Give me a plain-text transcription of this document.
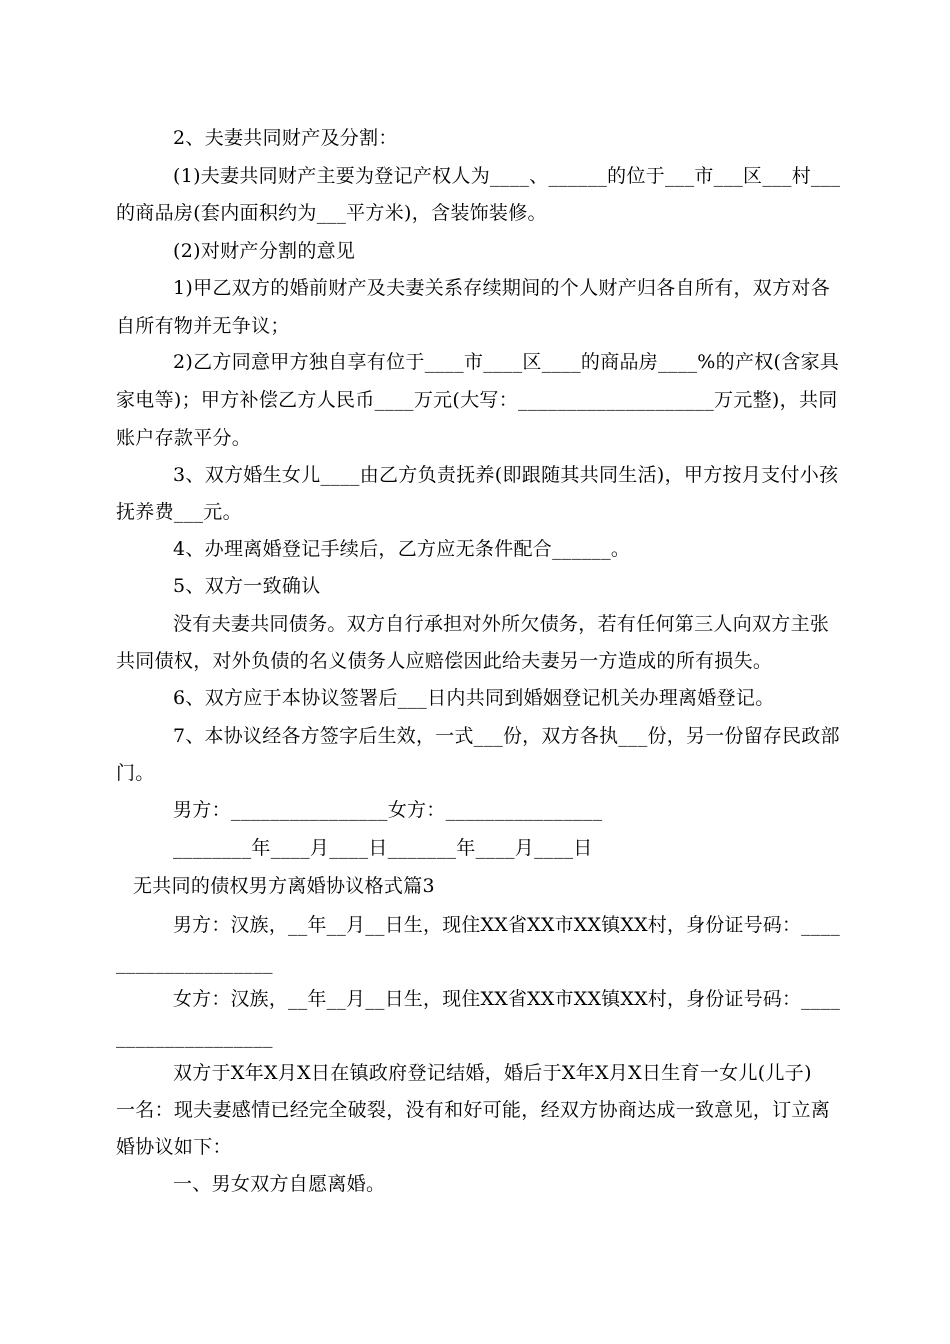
2、夫妻共同财产及分割：
(1)夫妻共同财产主要为登记产权人为____、______的位于___市___区___村___
的商品房(套内面积约为___平方米)，含装饰装修。
(2)对财产分割的意见
1)甲乙双方的婚前财产及夫妻关系存续期间的个人财产归各自所有，双方对各
自所有物并无争议；
2)乙方同意甲方独自享有位于____市____区____的商品房____%的产权(含家具
家电等)；甲方补偿乙方人民币____万元(大写：____________________万元整)，共同
账户存款平分。
3、双方婚生女儿____由乙方负责抚养(即跟随其共同生活)，甲方按月支付小孩
抚养费___元。
4、办理离婚登记手续后，乙方应无条件配合______。
5、双方一致确认
没有夫妻共同债务。双方自行承担对外所欠债务，若有任何第三人向双方主张
共同债权，对外负债的名义债务人应赔偿因此给夫妻另一方造成的所有损失。
6、双方应于本协议签署后___日内共同到婚姻登记机关办理离婚登记。
7、本协议经各方签字后生效，一式___份，双方各执___份，另一份留存民政部
门。
男方：________________女方：________________
________年____月____日_______年____月____日
无共同的债权男方离婚协议格式篇3
男方：汉族，__年__月__日生，现住XX省XX市XX镇XX村，身份证号码：____
________________
女方：汉族，__年__月__日生，现住XX省XX市XX镇XX村，身份证号码：____
________________
双方于X年X月X日在镇政府登记结婚，婚后于X年X月X日生育一女儿(儿子)
一名：现夫妻感情已经完全破裂，没有和好可能，经双方协商达成一致意见，订立离
婚协议如下：
一、男女双方自愿离婚。
